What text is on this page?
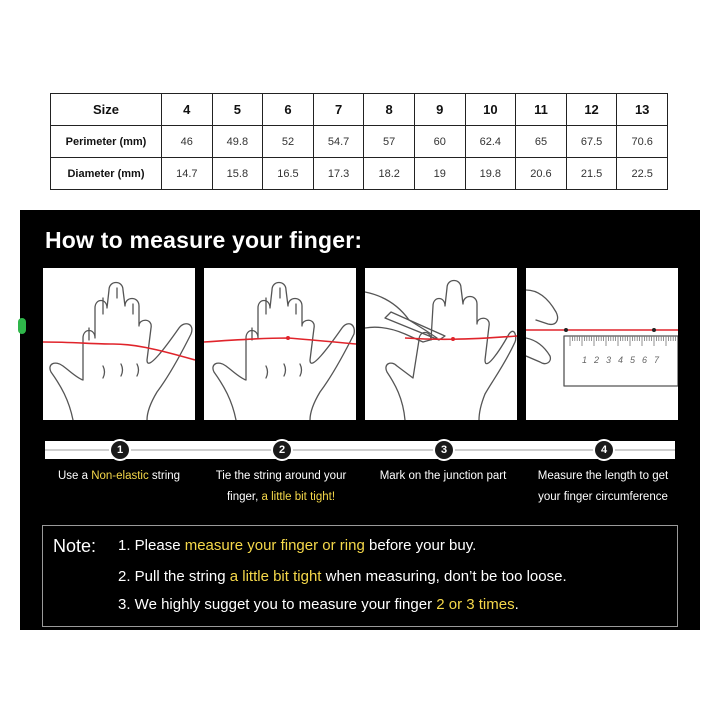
Size	4	5	6	7	8	9	10	11	12	13
Perimeter (mm)	46	49.8	52	54.7	57	60	62.4	65	67.5	70.6
Diameter (mm)	14.7	15.8	16.5	17.3	18.2	19	19.8	20.6	21.5	22.5
How to measure your finger:
1 2 3 4 5 6 7
1	2	3	4
Use a Non-elastic string	Tie the string around your
finger, a little bit tight!
Mark on the junction part	Measure the length to get
your finger circumference
Note: 1. Please measure your finger or ring before your buy.
2. Pull the string a little bit tight when measuring, don’t be too loose.
3. We highly sugget you to measure your finger 2 or 3 times.
